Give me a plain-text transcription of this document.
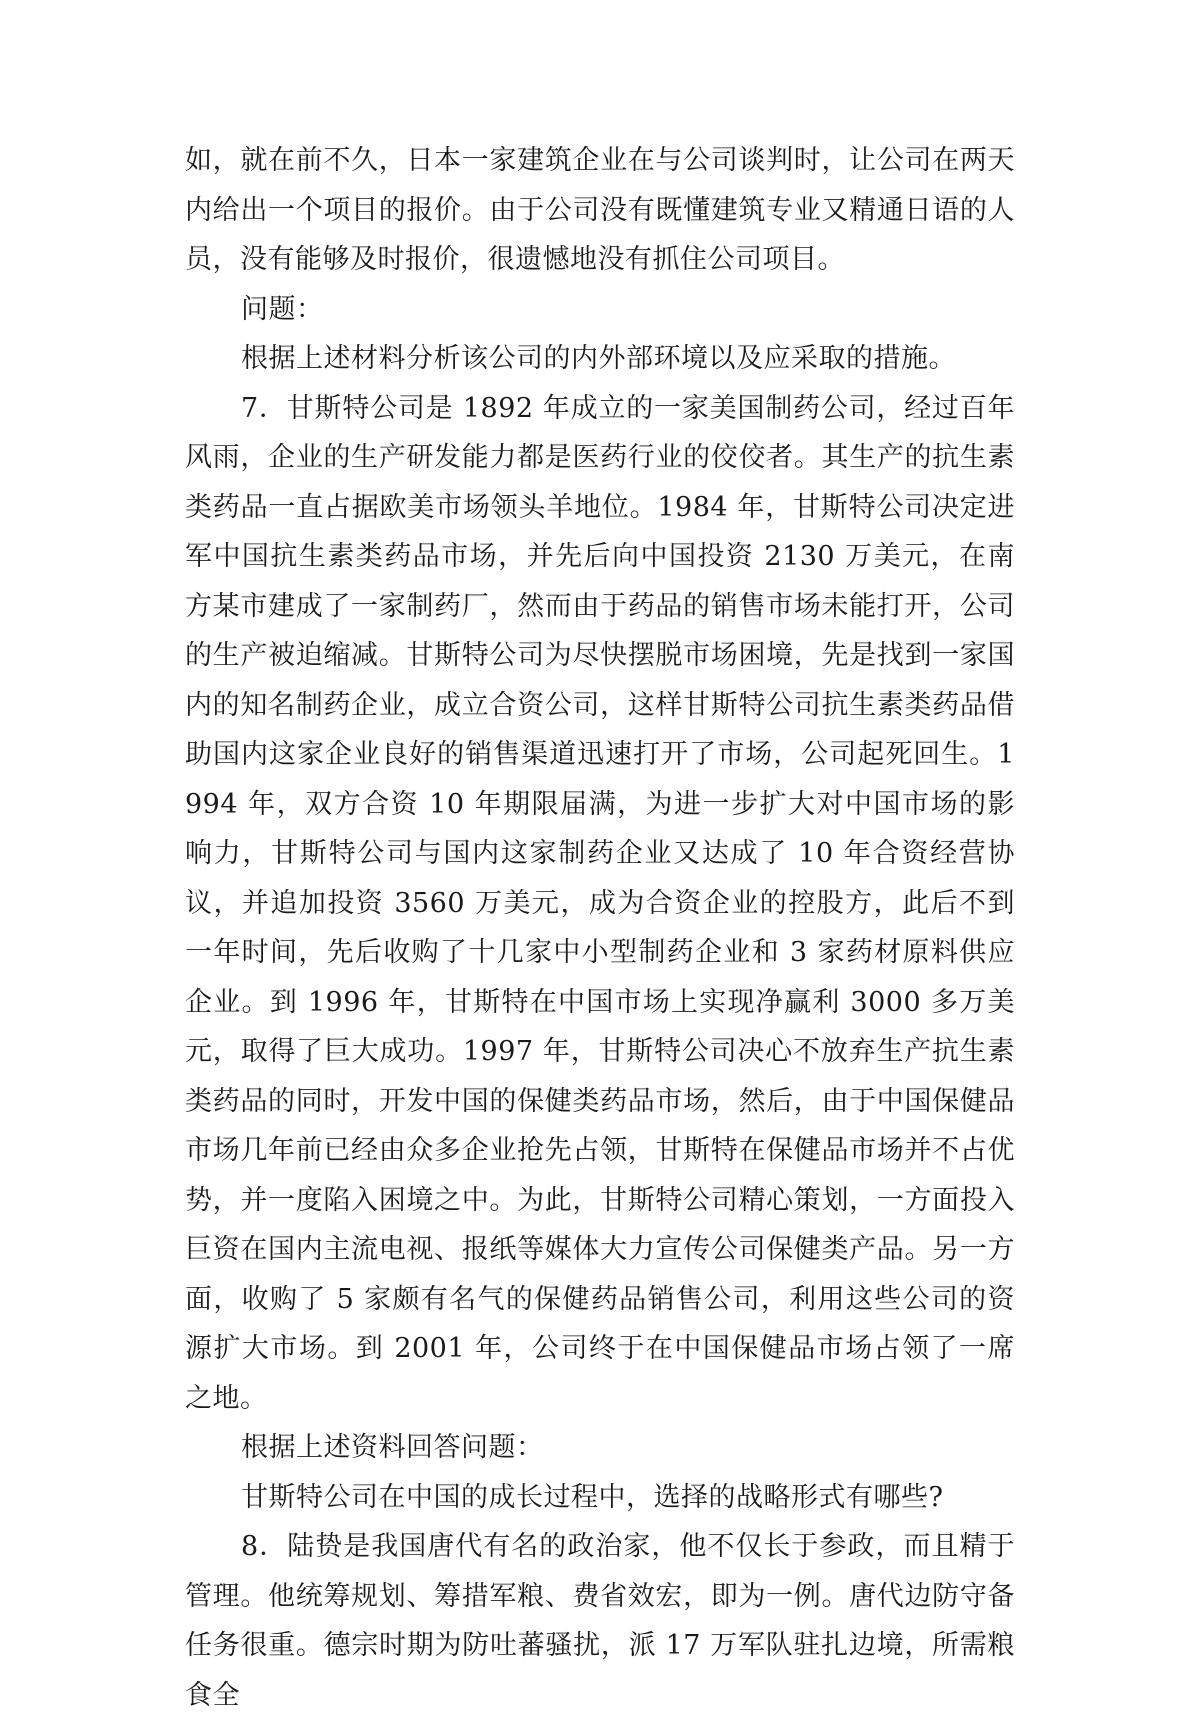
如，就在前不久，日本一家建筑企业在与公司谈判时，让公司在两天内给出一个项目的报价。由于公司没有既懂建筑专业又精通日语的人员，没有能够及时报价，很遗憾地没有抓住公司项目。

问题：

根据上述材料分析该公司的内外部环境以及应采取的措施。

7．甘斯特公司是 1892 年成立的一家美国制药公司，经过百年风雨，企业的生产研发能力都是医药行业的佼佼者。其生产的抗生素类药品一直占据欧美市场领头羊地位。1984 年，甘斯特公司决定进军中国抗生素类药品市场，并先后向中国投资 2130 万美元，在南方某市建成了一家制药厂，然而由于药品的销售市场未能打开，公司的生产被迫缩减。甘斯特公司为尽快摆脱市场困境，先是找到一家国内的知名制药企业，成立合资公司，这样甘斯特公司抗生素类药品借助国内这家企业良好的销售渠道迅速打开了市场，公司起死回生。1994 年，双方合资 10 年期限届满，为进一步扩大对中国市场的影响力，甘斯特公司与国内这家制药企业又达成了 10 年合资经营协议，并追加投资 3560 万美元，成为合资企业的控股方，此后不到一年时间，先后收购了十几家中小型制药企业和 3 家药材原料供应企业。到 1996 年，甘斯特在中国市场上实现净赢利 3000 多万美元，取得了巨大成功。1997 年，甘斯特公司决心不放弃生产抗生素类药品的同时，开发中国的保健类药品市场，然后，由于中国保健品市场几年前已经由众多企业抢先占领，甘斯特在保健品市场并不占优势，并一度陷入困境之中。为此，甘斯特公司精心策划，一方面投入巨资在国内主流电视、报纸等媒体大力宣传公司保健类产品。另一方面，收购了 5 家颇有名气的保健药品销售公司，利用这些公司的资源扩大市场。到 2001 年，公司终于在中国保健品市场占领了一席之地。

根据上述资料回答问题：

甘斯特公司在中国的成长过程中，选择的战略形式有哪些?

8．陆贽是我国唐代有名的政治家，他不仅长于参政，而且精于管理。他统筹规划、筹措军粮、费省效宏，即为一例。唐代边防守备任务很重。德宗时期为防吐蕃骚扰，派 17 万军队驻扎边境，所需粮食全
